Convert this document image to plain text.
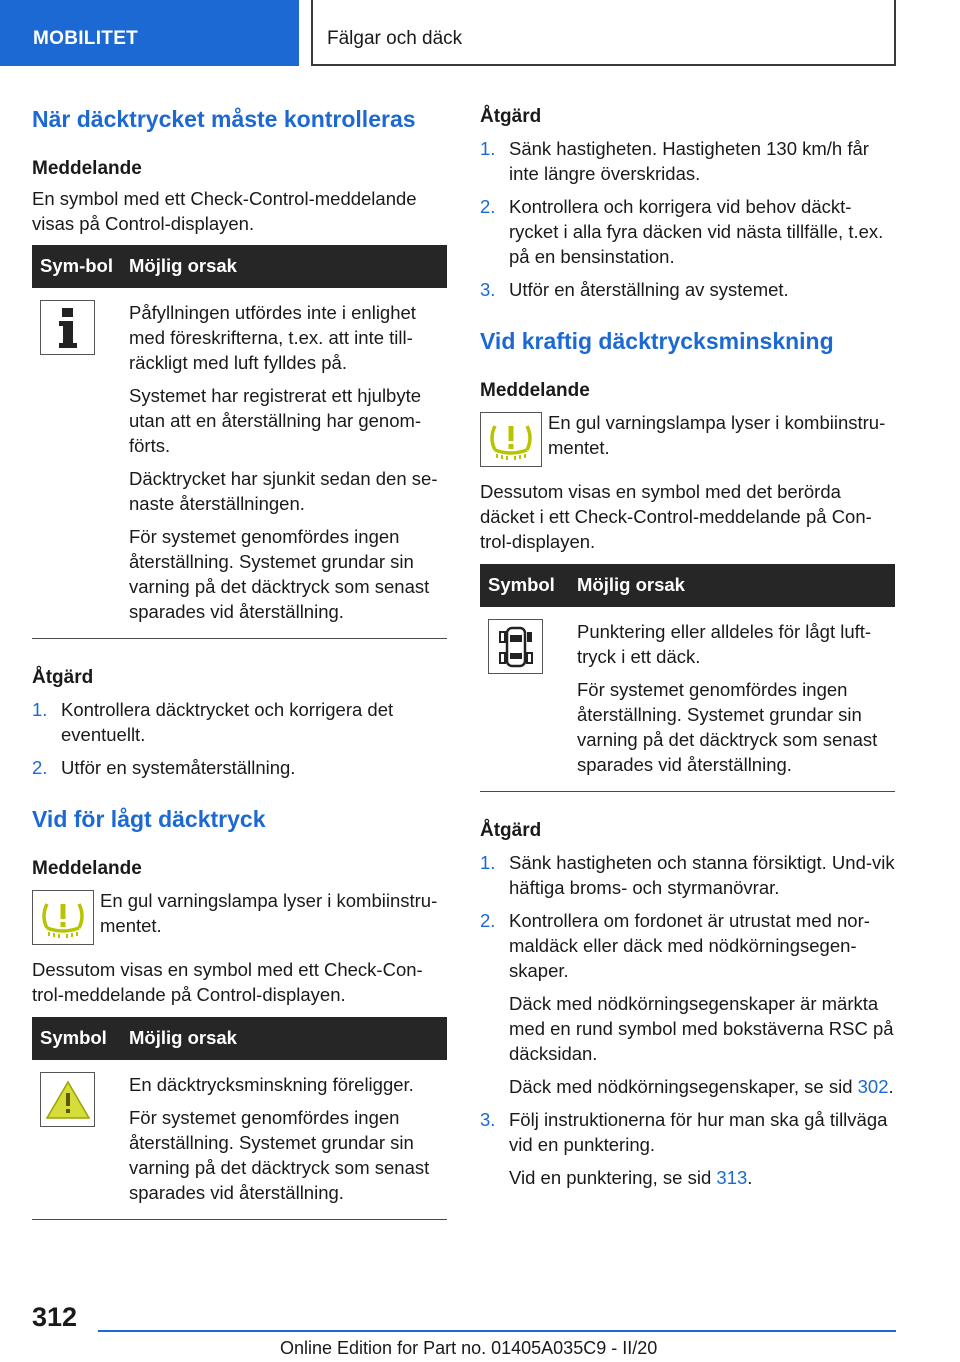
MOBILITET	Fälgar och däck
När däcktrycket måste kontrolleras
Meddelande

En symbol med ett Check-Control-meddelande visas på Control-displayen.

Sym-bol	Möjlig orsak

Påfyllningen utfördes inte i enlighet med föreskrifterna, t.ex. att inte till-räckligt med luft fylldes på.

Systemet har registrerat ett hjulbyte utan att en återställning har genom-förts.

Däcktrycket har sjunkit sedan den se-naste återställningen.

För systemet genomfördes ingen återställning. Systemet grundar sin varning på det däcktryck som senast sparades vid återställning.

Åtgärd
1. Kontrollera däcktrycket och korrigera det eventuellt.
2. Utför en systemåterställning.
Vid för lågt däcktryck
Meddelande

En gul varningslampa lyser i kombiinstru-mentet.

Dessutom visas en symbol med ett Check-Con-trol-meddelande på Control-displayen.

Symbol	Möjlig orsak

En däcktrycksminskning föreligger.

För systemet genomfördes ingen återställning. Systemet grundar sin varning på det däcktryck som senast sparades vid återställning.

Åtgärd
1. Sänk hastigheten. Hastigheten 130 km/h får inte längre överskridas.
2. Kontrollera och korrigera vid behov däckt-rycket i alla fyra däcken vid nästa tillfälle, t.ex. på en bensinstation.
3. Utför en återställning av systemet.
Vid kraftig däcktrycksminskning
Meddelande

En gul varningslampa lyser i kombiinstru-mentet.

Dessutom visas en symbol med det berörda däcket i ett Check-Control-meddelande på Con-trol-displayen.

Symbol	Möjlig orsak

Punktering eller alldeles för lågt luft-tryck i ett däck.

För systemet genomfördes ingen återställning. Systemet grundar sin varning på det däcktryck som senast sparades vid återställning.

Åtgärd
1. Sänk hastigheten och stanna försiktigt. Und-vik häftiga broms- och styrmanövrar.
2. Kontrollera om fordonet är utrustat med nor-maldäck eller däck med nödkörningsegen-skaper.
Däck med nödkörningsegenskaper är märkta med en rund symbol med bokstäverna RSC på däcksidan.
Däck med nödkörningsegenskaper, se sid 302.
3. Följ instruktionerna för hur man ska gå tillväga vid en punktering.
Vid en punktering, se sid 313.
312
Online Edition for Part no. 01405A035C9 - II/20
